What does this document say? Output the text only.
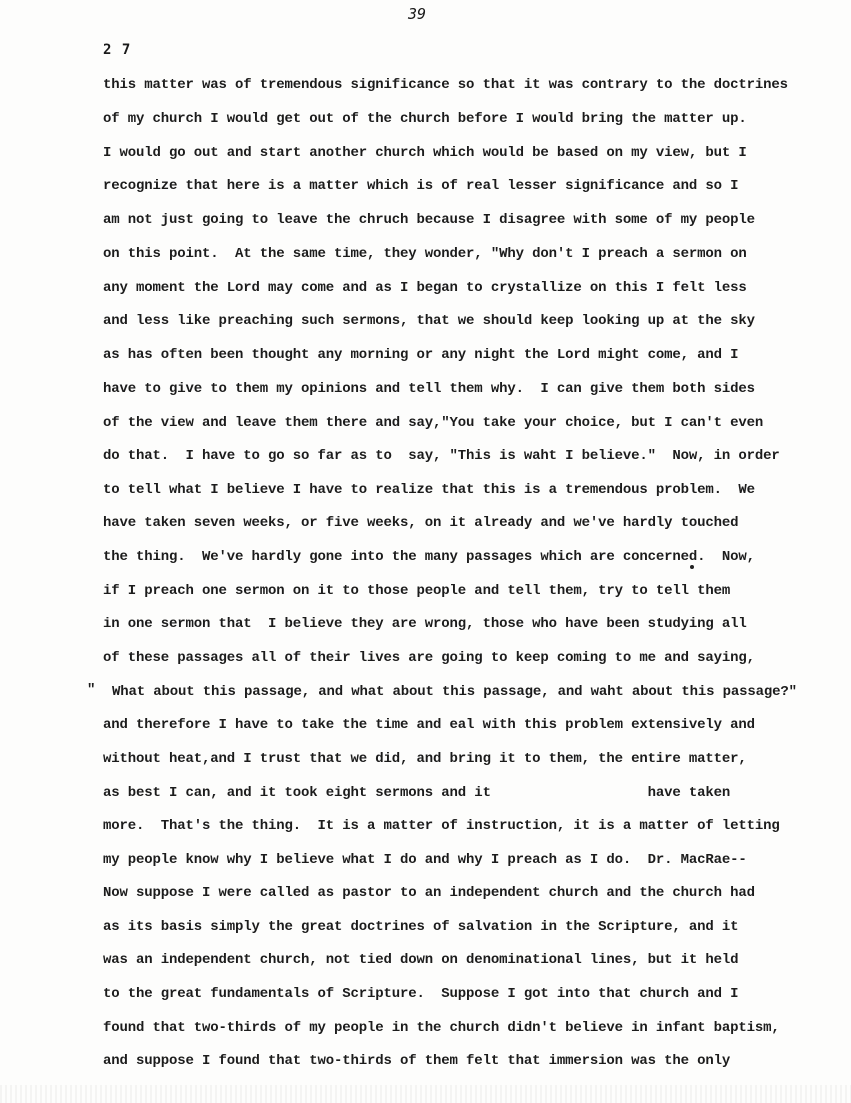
39
2 7
this matter was of tremendous significance so that it was contrary to the doctrines
of my church I would get out of the church before I would bring the matter up.
I would go out and start another church which would be based on my view, but I
recognize that here is a matter which is of real lesser significance and so I
am not just going to leave the chruch because I disagree with some of my people
on this point.  At the same time, they wonder, "Why don't I preach a sermon on
any moment the Lord may come and as I began to crystallize on this I felt less
and less like preaching such sermons, that we should keep looking up at the sky
as has often been thought any morning or any night the Lord might come, and I
have to give to them my opinions and tell them why.  I can give them both sides
of the view and leave them there and say,"You take your choice, but I can't even
do that.  I have to go so far as to  say, "This is waht I believe."  Now, in order
to tell what I believe I have to realize that this is a tremendous problem.  We
have taken seven weeks, or five weeks, on it already and we've hardly touched
the thing.  We've hardly gone into the many passages which are concerned.  Now,
if I preach one sermon on it to those people and tell them, try to tell them
in one sermon that  I believe they are wrong, those who have been studying all
of these passages all of their lives are going to keep coming to me and saying,
What about this passage, and what about this passage, and waht about this passage?"
and therefore I have to take the time and eal with this problem extensively and
without heat,and I trust that we did, and bring it to them, the entire matter,
as best I can, and it took eight sermons and it                   have taken
more.  That's the thing.  It is a matter of instruction, it is a matter of letting
my people know why I believe what I do and why I preach as I do.  Dr. MacRae--
Now suppose I were called as pastor to an independent church and the church had
as its basis simply the great doctrines of salvation in the Scripture, and it
was an independent church, not tied down on denominational lines, but it held
to the great fundamentals of Scripture.  Suppose I got into that church and I
found that two-thirds of my people in the church didn't believe in infant baptism,
and suppose I found that two-thirds of them felt that immersion was the only
"
